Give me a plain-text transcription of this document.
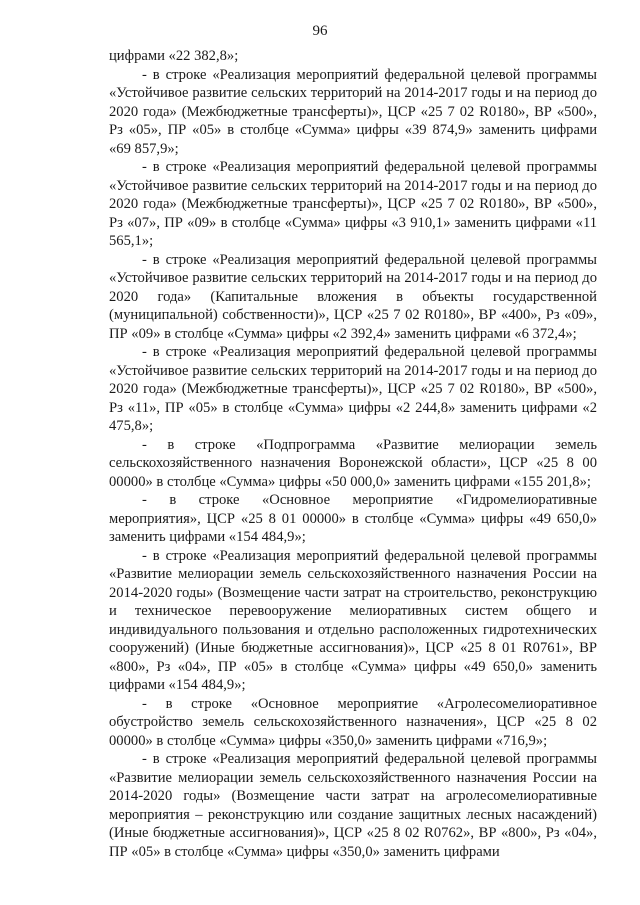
96

цифрами «22 382,8»;

- в строке «Реализация мероприятий федеральной целевой программы «Устойчивое развитие сельских территорий на 2014-2017 годы и на период до 2020 года» (Межбюджетные трансферты)», ЦСР «25 7 02 R0180», ВР «500», Рз «05», ПР «05» в столбце «Сумма» цифры «39 874,9» заменить цифрами «69 857,9»;

- в строке «Реализация мероприятий федеральной целевой программы «Устойчивое развитие сельских территорий на 2014-2017 годы и на период до 2020 года» (Межбюджетные трансферты)», ЦСР «25 7 02 R0180», ВР «500», Рз «07», ПР «09» в столбце «Сумма» цифры «3 910,1» заменить цифрами «11 565,1»;

- в строке «Реализация мероприятий федеральной целевой программы «Устойчивое развитие сельских территорий на 2014-2017 годы и на период до 2020 года» (Капитальные вложения в объекты государственной (муниципальной) собственности)», ЦСР «25 7 02 R0180», ВР «400», Рз «09», ПР «09» в столбце «Сумма» цифры «2 392,4» заменить цифрами «6 372,4»;

- в строке «Реализация мероприятий федеральной целевой программы «Устойчивое развитие сельских территорий на 2014-2017 годы и на период до 2020 года» (Межбюджетные трансферты)», ЦСР «25 7 02 R0180», ВР «500», Рз «11», ПР «05» в столбце «Сумма» цифры «2 244,8» заменить цифрами «2 475,8»;

- в строке «Подпрограмма «Развитие мелиорации земель сельскохозяйственного назначения Воронежской области», ЦСР «25 8 00 00000» в столбце «Сумма» цифры «50 000,0» заменить цифрами «155 201,8»;

- в строке «Основное мероприятие «Гидромелиоративные мероприятия», ЦСР «25 8 01 00000» в столбце «Сумма» цифры «49 650,0» заменить цифрами «154 484,9»;

- в строке «Реализация мероприятий федеральной целевой программы «Развитие мелиорации земель сельскохозяйственного назначения России на 2014-2020 годы» (Возмещение части затрат на строительство, реконструкцию и техническое перевооружение мелиоративных систем общего и индивидуального пользования и отдельно расположенных гидротехнических сооружений) (Иные бюджетные ассигнования)», ЦСР «25 8 01 R0761», ВР «800», Рз «04», ПР «05» в столбце «Сумма» цифры «49 650,0» заменить цифрами «154 484,9»;

- в строке «Основное мероприятие «Агролесомелиоративное обустройство земель сельскохозяйственного назначения», ЦСР «25 8 02 00000» в столбце «Сумма» цифры «350,0» заменить цифрами «716,9»;

- в строке «Реализация мероприятий федеральной целевой программы «Развитие мелиорации земель сельскохозяйственного назначения России на 2014-2020 годы» (Возмещение части затрат на агролесомелиоративные мероприятия – реконструкцию или создание защитных лесных насаждений) (Иные бюджетные ассигнования)», ЦСР «25 8 02 R0762», ВР «800», Рз «04», ПР «05» в столбце «Сумма» цифры «350,0» заменить цифрами
